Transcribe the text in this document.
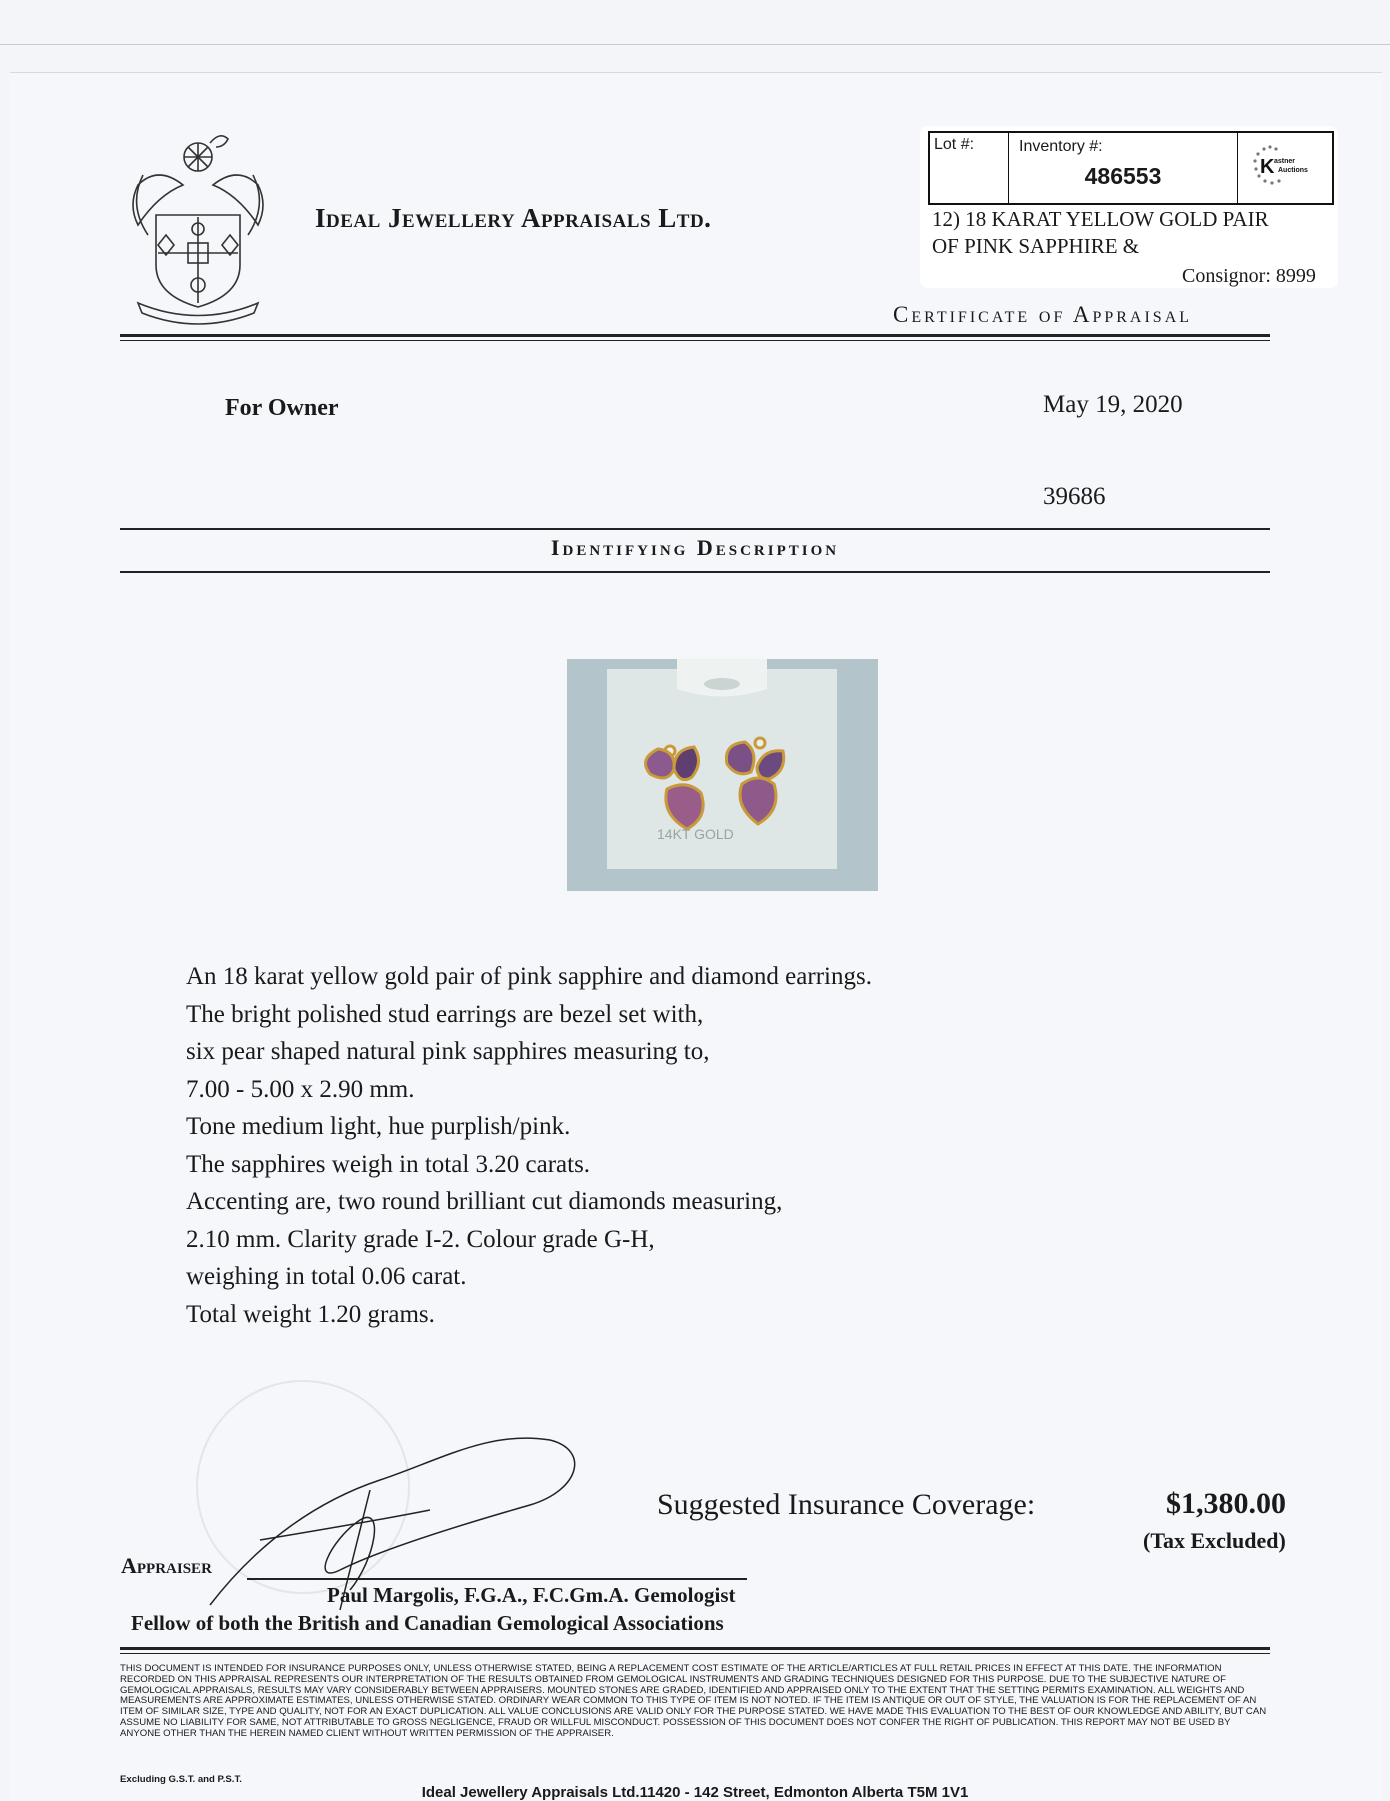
Ideal Jewellery Appraisals Ltd.
Lot #:	Inventory #:
486553	K astner
Auctions
12) 18 KARAT YELLOW GOLD PAIR
OF PINK SAPPHIRE &
Consignor: 8999
Certificate of Appraisal
For Owner	May 19, 2020
39686
Identifying Description
14KT GOLD
An 18 karat yellow gold pair of pink sapphire and diamond earrings.
The bright polished stud earrings are bezel set with,
six pear shaped natural pink sapphires measuring to,
7.00 - 5.00 x 2.90 mm.
Tone medium light, hue purplish/pink.
The sapphires weigh in total 3.20 carats.
Accenting are, two round brilliant cut diamonds measuring,
2.10 mm. Clarity grade I-2. Colour grade G-H,
weighing in total 0.06 carat.
Total weight 1.20 grams.
Suggested Insurance Coverage:	$1,380.00
(Tax Excluded)
Appraiser
Paul Margolis, F.G.A., F.C.Gm.A. Gemologist
Fellow of both the British and Canadian Gemological Associations
THIS DOCUMENT IS INTENDED FOR INSURANCE PURPOSES ONLY, UNLESS OTHERWISE STATED, BEING A REPLACEMENT COST ESTIMATE OF THE ARTICLE/ARTICLES AT FULL RETAIL PRICES IN EFFECT AT THIS DATE. THE INFORMATION RECORDED ON THIS APPRAISAL REPRESENTS OUR INTERPRETATION OF THE RESULTS OBTAINED FROM GEMOLOGICAL INSTRUMENTS AND GRADING TECHNIQUES DESIGNED FOR THIS PURPOSE. DUE TO THE SUBJECTIVE NATURE OF GEMOLOGICAL APPRAISALS, RESULTS MAY VARY CONSIDERABLY BETWEEN APPRAISERS. MOUNTED STONES ARE GRADED, IDENTIFIED AND APPRAISED ONLY TO THE EXTENT THAT THE SETTING PERMITS EXAMINATION. ALL WEIGHTS AND MEASUREMENTS ARE APPROXIMATE ESTIMATES, UNLESS OTHERWISE STATED. ORDINARY WEAR COMMON TO THIS TYPE OF ITEM IS NOT NOTED. IF THE ITEM IS ANTIQUE OR OUT OF STYLE, THE VALUATION IS FOR THE REPLACEMENT OF AN ITEM OF SIMILAR SIZE, TYPE AND QUALITY, NOT FOR AN EXACT DUPLICATION. ALL VALUE CONCLUSIONS ARE VALID ONLY FOR THE PURPOSE STATED. WE HAVE MADE THIS EVALUATION TO THE BEST OF OUR KNOWLEDGE AND ABILITY, BUT CAN ASSUME NO LIABILITY FOR SAME, NOT ATTRIBUTABLE TO GROSS NEGLIGENCE, FRAUD OR WILLFUL MISCONDUCT. POSSESSION OF THIS DOCUMENT DOES NOT CONFER THE RIGHT OF PUBLICATION. THIS REPORT MAY NOT BE USED BY ANYONE OTHER THAN THE HEREIN NAMED CLIENT WITHOUT WRITTEN PERMISSION OF THE APPRAISER.
Excluding G.S.T. and P.S.T.
Ideal Jewellery Appraisals Ltd.11420 - 142 Street, Edmonton Alberta T5M 1V1
